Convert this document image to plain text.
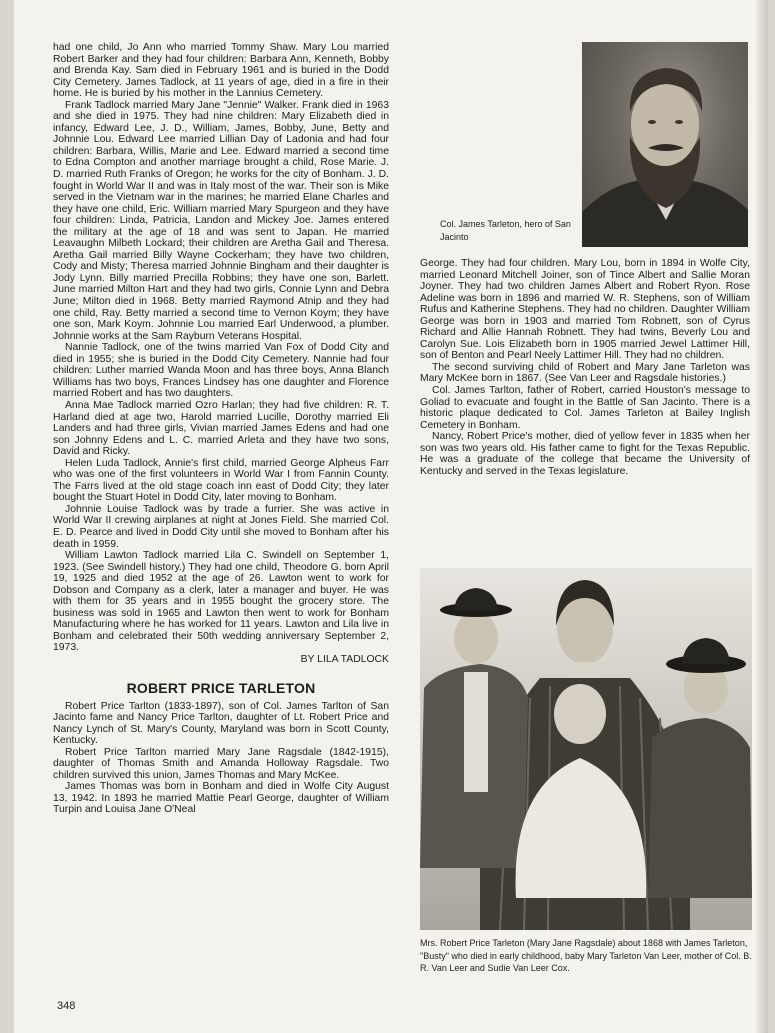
had one child, Jo Ann who married Tommy Shaw. Mary Lou married Robert Barker and they had four children: Barbara Ann, Kenneth, Bobby and Brenda Kay. Sam died in February 1961 and is buried in the Dodd City Cemetery. James Tadlock, at 11 years of age, died in a fire in their home. He is buried by his mother in the Lannius Cemetery.

Frank Tadlock married Mary Jane "Jennie" Walker. Frank died in 1963 and she died in 1975. They had nine children: Mary Elizabeth died in infancy, Edward Lee, J. D., William, James, Bobby, June, Betty and Johnnie Lou. Edward Lee married Lillian Day of Ladonia and had four children: Barbara, Willis, Marie and Lee. Edward married a second time to Edna Compton and another marriage brought a child, Rose Marie. J. D. married Ruth Franks of Oregon; he works for the city of Bonham. J. D. fought in World War II and was in Italy most of the war. Their son is Mike served in the Vietnam war in the marines; he married Elane Charles and they have one child, Eric. William married Mary Spurgeon and they have four children: Linda, Patricia, Landon and Mickey Joe. James entered the military at the age of 18 and was sent to Japan. He married Leavaughn Milbeth Lockard; their children are Aretha Gail and Theresa. Aretha Gail married Billy Wayne Cockerham; they have two children, Cody and Misty; Theresa married Johnnie Bingham and their daughter is Jody Lynn. Billy married Precilla Robbins; they have one son, Barlett. June married Milton Hart and they had two girls, Connie Lynn and Debra June; Milton died in 1968. Betty married Raymond Atnip and they had one child, Ray. Betty married a second time to Vernon Koym; they have one son, Mark Koym. Johnnie Lou married Earl Underwood, a plumber. Johnnie works at the Sam Rayburn Veterans Hospital.

Nannie Tadlock, one of the twins married Van Fox of Dodd City and died in 1955; she is buried in the Dodd City Cemetery. Nannie had four children: Luther married Wanda Moon and has three boys, Anna Blanch Williams has two boys, Frances Lindsey has one daughter and Florence married Robert and has two daughters.

Anna Mae Tadlock married Ozro Harlan; they had five children: R. T. Harland died at age two, Harold married Lucille, Dorothy married Eli Landers and had three girls, Vivian married James Edens and had one son Johnny Edens and L. C. married Arleta and they have two sons, David and Ricky.

Helen Luda Tadlock, Annie's first child, married George Alpheus Farr who was one of the first volunteers in World War I from Fannin County. The Farrs lived at the old stage coach inn east of Dodd City; they later bought the Stuart Hotel in Dodd City, later moving to Bonham.

Johnnie Louise Tadlock was by trade a furrier. She was active in World War II crewing airplanes at night at Jones Field. She married Col. E. D. Pearce and lived in Dodd City until she moved to Bonham after his death in 1959.

William Lawton Tadlock married Lila C. Swindell on September 1, 1923. (See Swindell history.) They had one child, Theodore G. born April 19, 1925 and died 1952 at the age of 26. Lawton went to work for Dobson and Company as a clerk, later a manager and buyer. He was with them for 35 years and in 1955 bought the grocery store. The business was sold in 1965 and Lawton then went to work for Bonham Manufacturing where he has worked for 11 years. Lawton and Lila live in Bonham and celebrated their 50th wedding anniversary September 2, 1973.

BY LILA TADLOCK

ROBERT PRICE TARLETON

Robert Price Tarlton (1833-1897), son of Col. James Tarlton of San Jacinto fame and Nancy Price Tarlton, daughter of Lt. Robert Price and Nancy Lynch of St. Mary's County, Maryland was born in Scott County, Kentucky.

Robert Price Tarlton married Mary Jane Ragsdale (1842-1915), daughter of Thomas Smith and Amanda Holloway Ragsdale. Two children survived this union, James Thomas and Mary McKee.

James Thomas was born in Bonham and died in Wolfe City August 13, 1942. In 1893 he married Mattie Pearl George, daughter of William Turpin and Louisa Jane O'Neal

Col. James Tarleton, hero of San Jacinto

George. They had four children. Mary Lou, born in 1894 in Wolfe City, married Leonard Mitchell Joiner, son of Tince Albert and Sallie Moran Joyner. They had two children James Albert and Robert Ryon. Rose Adeline was born in 1896 and married W. R. Stephens, son of William Rufus and Katherine Stephens. They had no children. Daughter William George was born in 1903 and married Tom Robnett, son of Cyrus Richard and Allie Hannah Robnett. They had twins, Beverly Lou and Carolyn Sue. Lois Elizabeth born in 1905 married Jewel Lattimer Hill, son of Benton and Pearl Neely Lattimer Hill. They had no children.

The second surviving child of Robert and Mary Jane Tarleton was Mary McKee born in 1867. (See Van Leer and Ragsdale histories.)

Col. James Tarlton, father of Robert, carried Houston's message to Goliad to evacuate and fought in the Battle of San Jacinto. There is a historic plaque dedicated to Col. James Tarleton at Bailey Inglish Cemetery in Bonham.

Nancy, Robert Price's mother, died of yellow fever in 1835 when her son was two years old. His father came to fight for the Texas Republic. He was a graduate of the college that became the University of Kentucky and served in the Texas legislature.

Mrs. Robert Price Tarleton (Mary Jane Ragsdale) about 1868 with James Tarleton, "Busty" who died in early childhood, baby Mary Tarleton Van Leer, mother of Col. B. R. Van Leer and Sudie Van Leer Cox.
348
